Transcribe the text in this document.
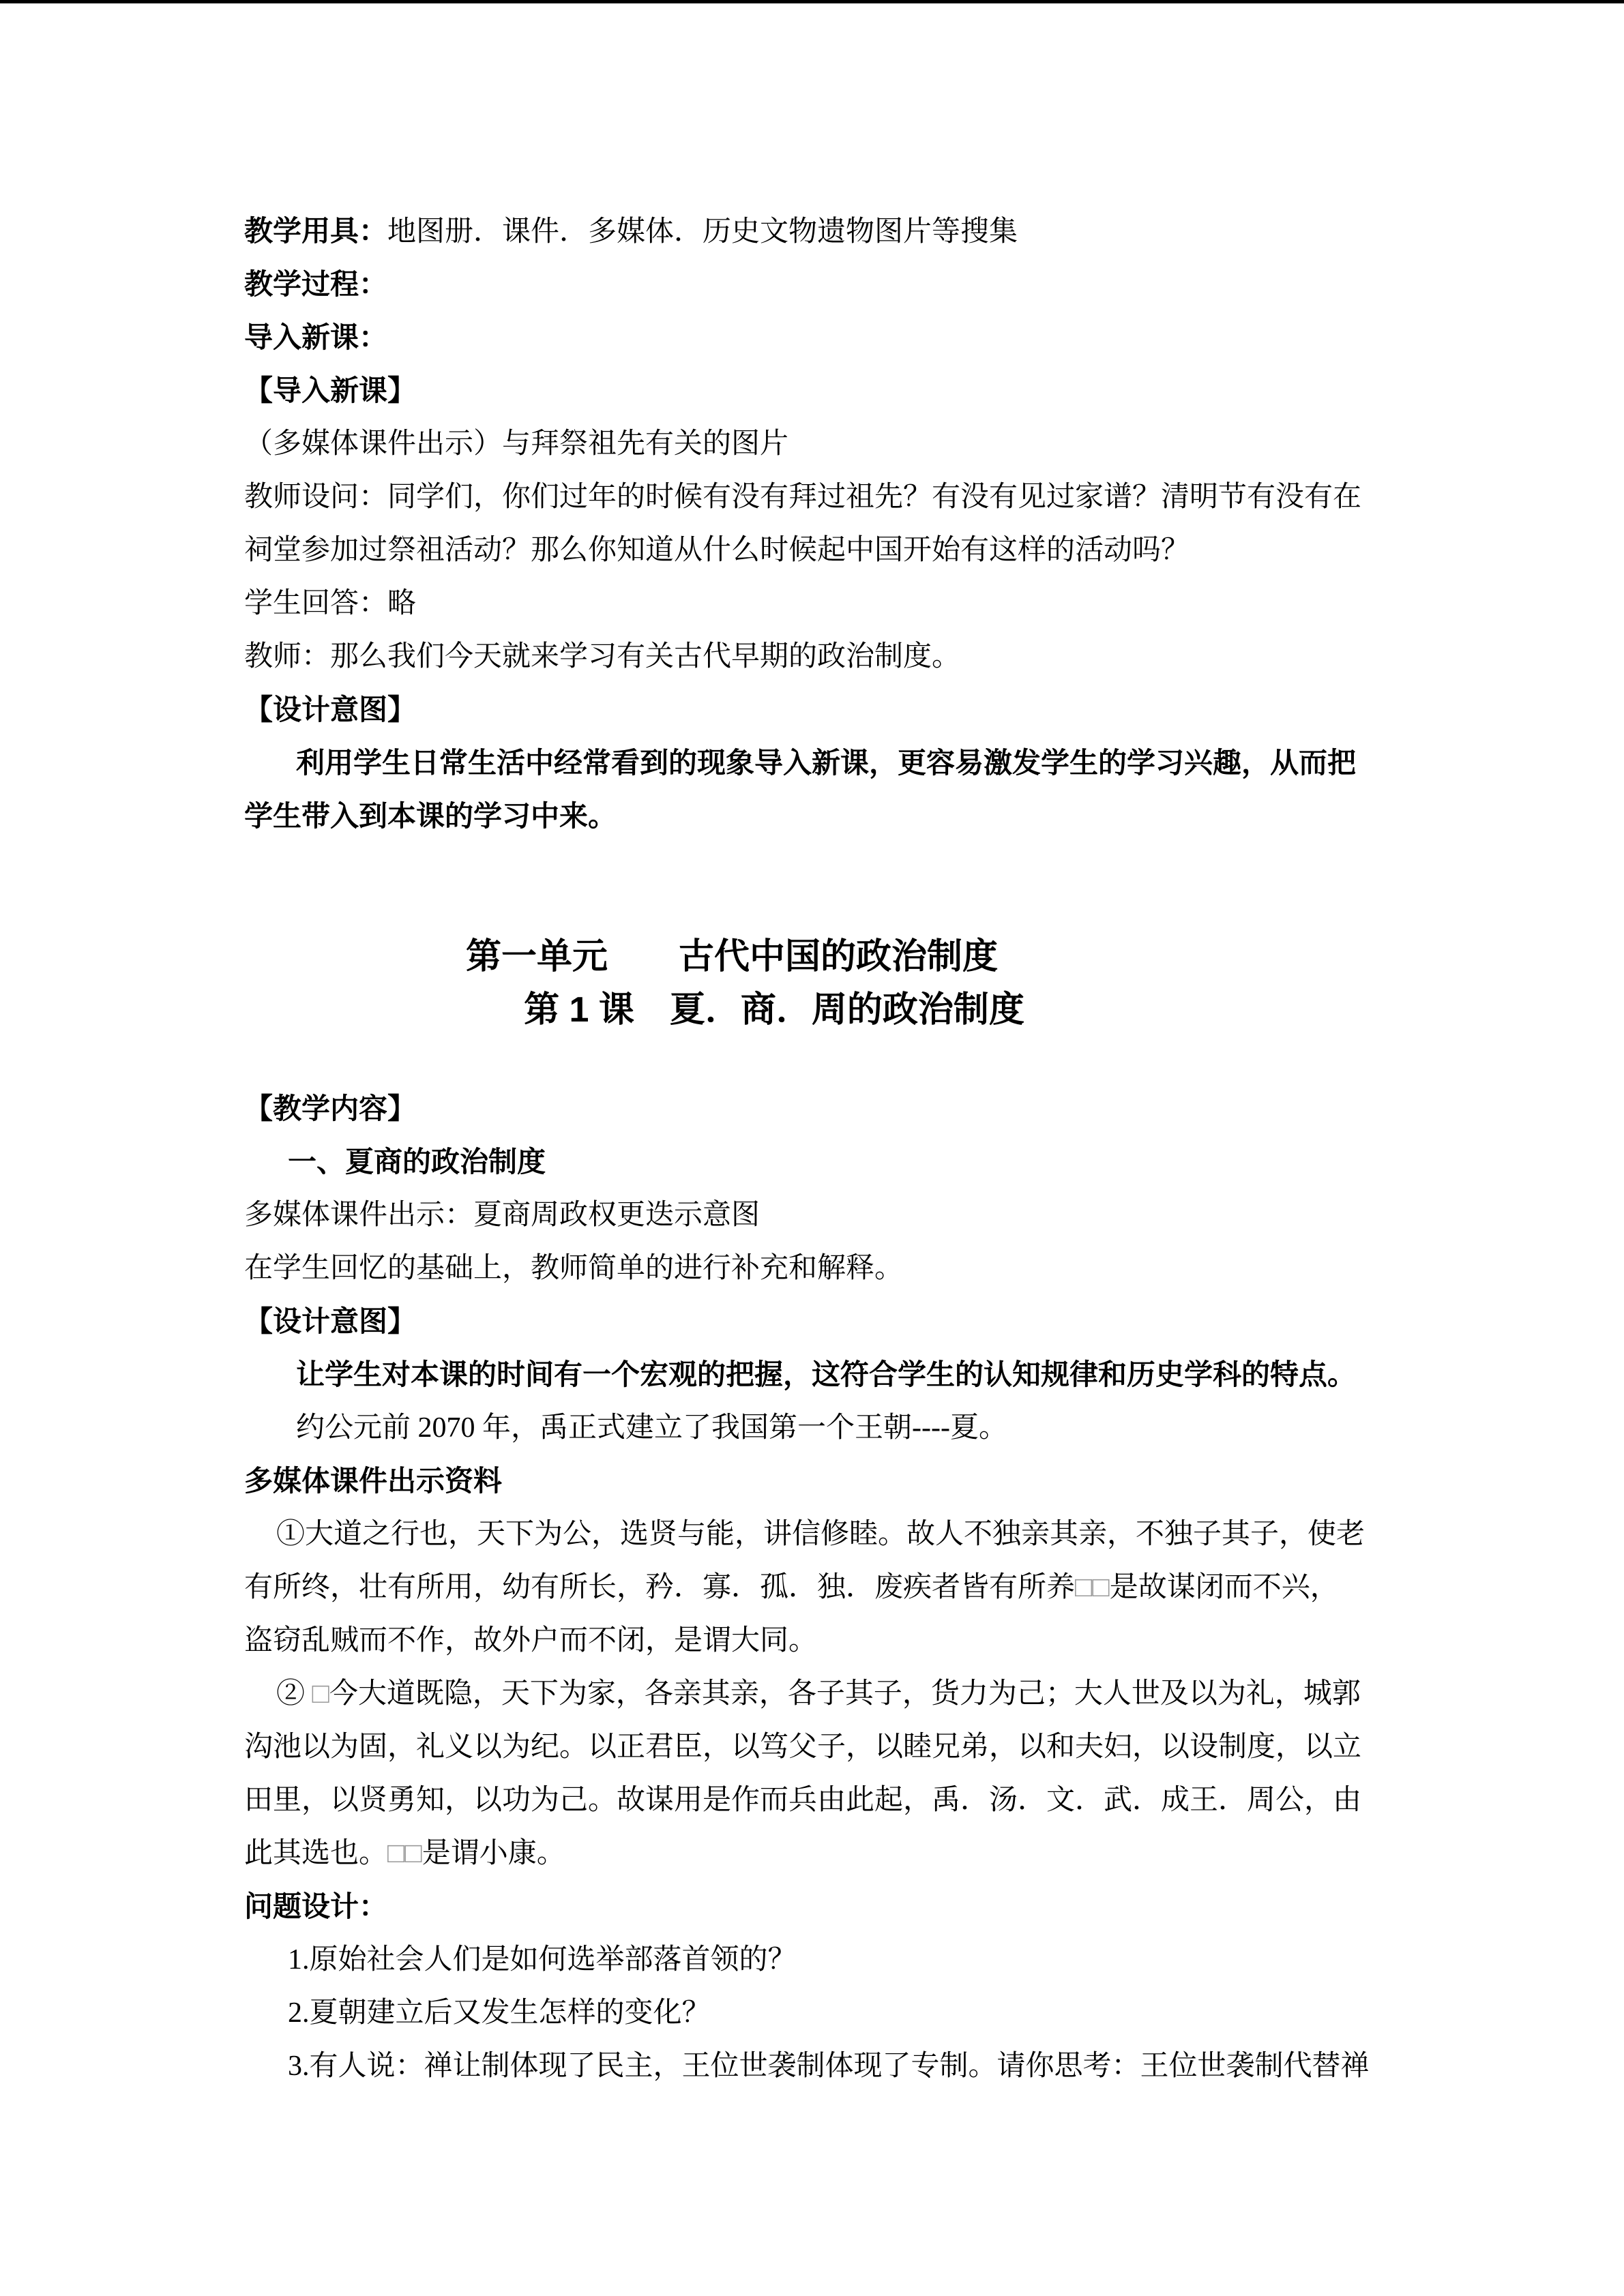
教学用具：地图册．课件．多媒体．历史文物遗物图片等搜集
教学过程：
导入新课：
【导入新课】
（多媒体课件出示）与拜祭祖先有关的图片
教师设问：同学们，你们过年的时候有没有拜过祖先？有没有见过家谱？清明节有没有在
祠堂参加过祭祖活动？那么你知道从什么时候起中国开始有这样的活动吗？
学生回答：略
教师：那么我们今天就来学习有关古代早期的政治制度。
【设计意图】
利用学生日常生活中经常看到的现象导入新课，更容易激发学生的学习兴趣，从而把
学生带入到本课的学习中来。
第一单元　　古代中国的政治制度
第 1 课　夏．商．周的政治制度
【教学内容】
一、夏商的政治制度
多媒体课件出示：夏商周政权更迭示意图
在学生回忆的基础上，教师简单的进行补充和解释。
【设计意图】
让学生对本课的时间有一个宏观的把握，这符合学生的认知规律和历史学科的特点。
约公元前 2070 年，禹正式建立了我国第一个王朝----夏。
多媒体课件出示资料
①大道之行也，天下为公，选贤与能，讲信修睦。故人不独亲其亲，不独子其子，使老
有所终，壮有所用，幼有所长，矜．寡．孤．独．废疾者皆有所养□□是故谋闭而不兴，
盗窃乱贼而不作，故外户而不闭，是谓大同。
② □今大道既隐，天下为家，各亲其亲，各子其子，货力为己；大人世及以为礼，城郭
沟池以为固，礼义以为纪。以正君臣，以笃父子，以睦兄弟，以和夫妇，以设制度，以立
田里，以贤勇知，以功为己。故谋用是作而兵由此起，禹．汤．文．武．成王．周公，由
此其选也。□□是谓小康。
问题设计：
1.原始社会人们是如何选举部落首领的？
2.夏朝建立后又发生怎样的变化？
3.有人说：禅让制体现了民主，王位世袭制体现了专制。请你思考：王位世袭制代替禅
